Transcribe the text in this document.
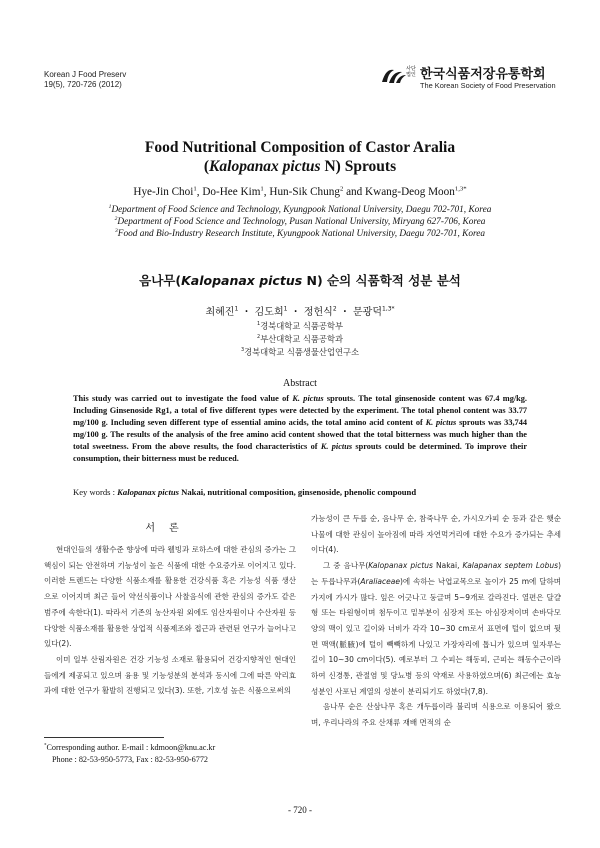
Korean J Food Preserv
19(5), 720-726 (2012)
사단법인 한국식품저장유통학회
The Korean Society of Food Preservation
Food Nutritional Composition of Castor Aralia
(Kalopanax pictus N) Sprouts
Hye-Jin Choi$^1$, Do-Hee Kim$^1$, Hun-Sik Chung$^2$ and Kwang-Deog Moon$^{1,3*}$
$^1$Department of Food Science and Technology, Kyungpook National University, Daegu 702-701, Korea
$^2$Department of Food Science and Technology, Pusan National University, Miryang 627-706, Korea
$^3$Food and Bio-Industry Research Institute, Kyungpook National University, Daegu 702-701, Korea
음나무(Kalopanax pictus N) 순의 식품학적 성분 분석
최혜진$^1$ ・ 김도희$^1$ ・ 정헌식$^2$ ・ 문광덕$^{1,3*}$
$^1$경북대학교 식품공학부
$^2$부산대학교 식품공학과
$^3$경북대학교 식품생물산업연구소
Abstract
This study was carried out to investigate the food value of K. pictus sprouts. The total ginsenoside content was 67.4 mg/kg. Including Ginsenoside Rg1, a total of five different types were detected by the experiment. The total phenol content was 33.77 mg/100 g. Including seven different type of essential amino acids, the total amino acid content of K. pictus sprouts was 33,744 mg/100 g. The results of the analysis of the free amino acid content showed that the total bitterness was much higher than the total sweetness. From the above results, the food characteristics of K. pictus sprouts could be determined. To improve their consumption, their bitterness must be reduced.
Key words : Kalopanax pictus Nakai, nutritional composition, ginsenoside, phenolic compound
서론

현대인들의 생활수준 향상에 따라 웰빙과 로하스에 대한 관심의 증가는 그 핵심이 되는 안전하며 기능성이 높은 식품에 대한 수요증가로 이어지고 있다. 이러한 트렌드는 다양한 식품소재를 활용한 건강식품 혹은 기능성 식품 생산으로 이어지며 최근 들어 약선식품이나 사찰음식에 관한 관심의 증가도 같은 범주에 속한다(1). 따라서 기존의 농산자원 외에도 임산자원이나 수산자원 등 다양한 식품소재를 활용한 상업적 식품제조와 접근과 관련된 연구가 늘어나고 있다(2).

이미 일부 산림자원은 건강 기능성 소재로 활용되어 건강지향적인 현대인들에게 제공되고 있으며 융용 및 기능성분의 분석과 동시에 그에 따른 약리효과에 대한 연구가 활발히 진행되고 있다(3). 또한, 기호성 높은 식품으로써의

가능성이 큰 두릅 순, 음나무 순, 참죽나무 순, 가시오가피 순 등과 같은 햇순나물에 대한 관심이 높아짐에 따라 자연먹거리에 대한 수요가 증가되는 추세이다(4).

그 중 음나무(Kalopanax pictus Nakai, Kalapanax septem Lobus)는 두릅나무과(Araliaceae)에 속하는 낙엽교목으로 높이가 25 m에 달하며 가지에 가시가 많다. 잎은 어긋나고 둥글며 5~9개로 갈라진다. 열편은 달걀형 또는 타원형이며 첨두이고 밑부분이 심장저 또는 아심장저이며 손바닥모양의 맥이 있고 길이와 너비가 각각 10~30 cm로서 표면에 털이 없으며 뒷면 맥액(脈腋)에 털이 빽빽하게 나있고 가장자리에 톱니가 있으며 잎자루는 길이 10~30 cm이다(5). 예로부터 그 수피는 해동피, 근피는 해동수근이라 하여 신경통, 관절염 및 당뇨병 등의 약재로 사용하였으며(6) 최근에는 효능성분인 사포닌 계열의 성분이 분리되기도 하였다(7,8).

음나무 순은 산삼나무 혹은 개두릅이라 불리며 식용으로 이용되어 왔으며, 우리나라의 주요 산채류 재배 면적의 순

*Corresponding author. E-mail : kdmoon@knu.ac.kr
Phone : 82-53-950-5773, Fax : 82-53-950-6772
- 720 -
